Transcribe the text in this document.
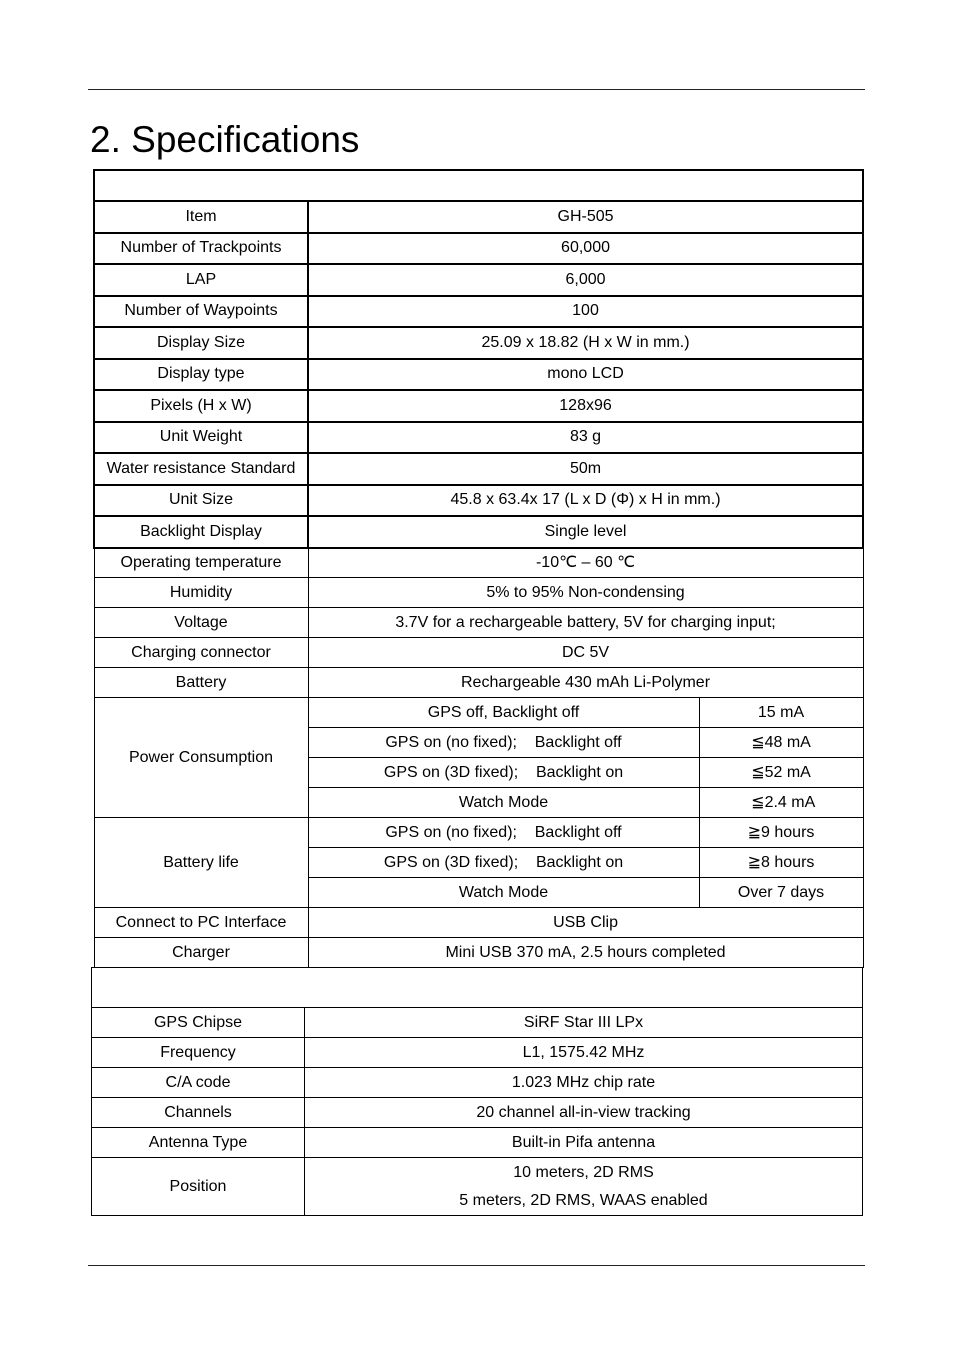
2. Specifications

Item	GH-505	
Number of Trackpoints	60,000	
LAP	6,000	
Number of Waypoints	100	
Display Size	25.09 x 18.82 (H x W in mm.)	
Display type	mono LCD	
Pixels (H x W)	128x96	
Unit Weight	83 g	
Water resistance Standard	50m	
Unit Size	45.8 x 63.4x 17 (L x D (Φ) x H in mm.)	
Backlight Display	Single level	
Operating temperature	-10℃ – 60 ℃	
Humidity	5% to 95% Non-condensing	
Voltage	3.7V for a rechargeable battery, 5V for charging input;	
Charging connector	DC 5V	
Battery	Rechargeable 430 mAh Li-Polymer	
Power Consumption	GPS off, Backlight off	15 mA
	GPS on (no fixed);    Backlight off	≦48 mA
	GPS on (3D fixed);    Backlight on	≦52 mA
	Watch Mode	≦2.4 mA
Battery life	GPS on (no fixed);    Backlight off	≧9 hours
	GPS on (3D fixed);    Backlight on	≧8 hours
	Watch Mode	Over 7 days
Connect to PC Interface	USB Clip	
Charger	Mini USB 370 mA, 2.5 hours completed	

GPS Chipse	SiRF Star III LPx
Frequency	L1, 1575.42 MHz
C/A code	1.023 MHz chip rate
Channels	20 channel all-in-view tracking
Antenna Type	Built-in Pifa antenna
Position	10 meters, 2D RMS
5 meters, 2D RMS, WAAS enabled
